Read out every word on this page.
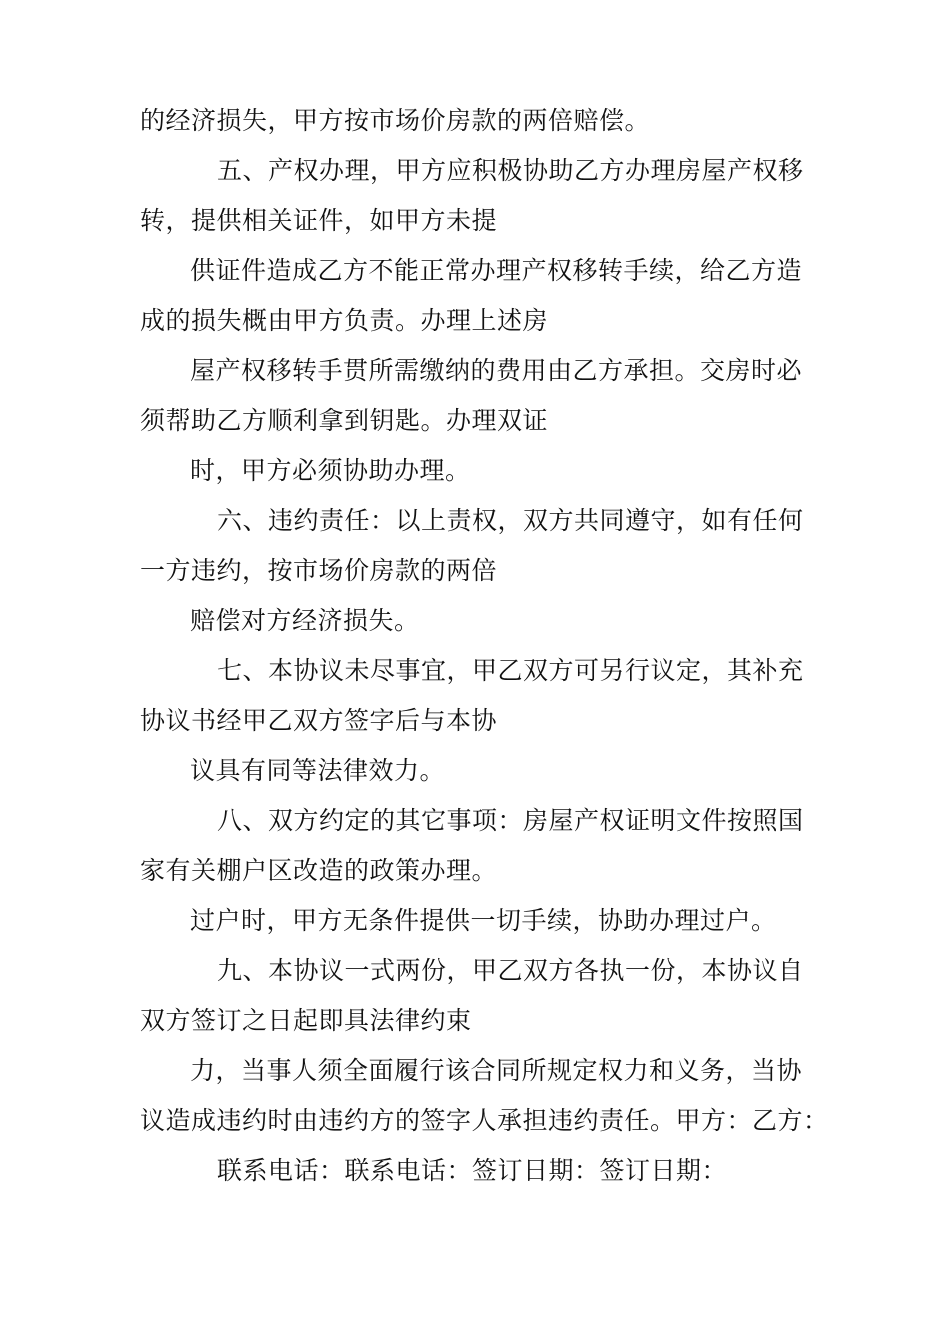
的经济损失，甲方按市场价房款的两倍赔偿。
五、产权办理，甲方应积极协助乙方办理房屋产权移
转，提供相关证件，如甲方未提
供证件造成乙方不能正常办理产权移转手续，给乙方造
成的损失概由甲方负责。办理上述房
屋产权移转手贯所需缴纳的费用由乙方承担。交房时必
须帮助乙方顺利拿到钥匙。办理双证
时，甲方必须协助办理。
六、违约责任：以上责权，双方共同遵守，如有任何
一方违约，按市场价房款的两倍
赔偿对方经济损失。
七、本协议未尽事宜，甲乙双方可另行议定，其补充
协议书经甲乙双方签字后与本协
议具有同等法律效力。
八、双方约定的其它事项：房屋产权证明文件按照国
家有关棚户区改造的政策办理。
过户时，甲方无条件提供一切手续，协助办理过户。
九、本协议一式两份，甲乙双方各执一份，本协议自
双方签订之日起即具法律约束
力，当事人须全面履行该合同所规定权力和义务，当协
议造成违约时由违约方的签字人承担违约责任。甲方：乙方：
联系电话：联系电话：签订日期：签订日期：
